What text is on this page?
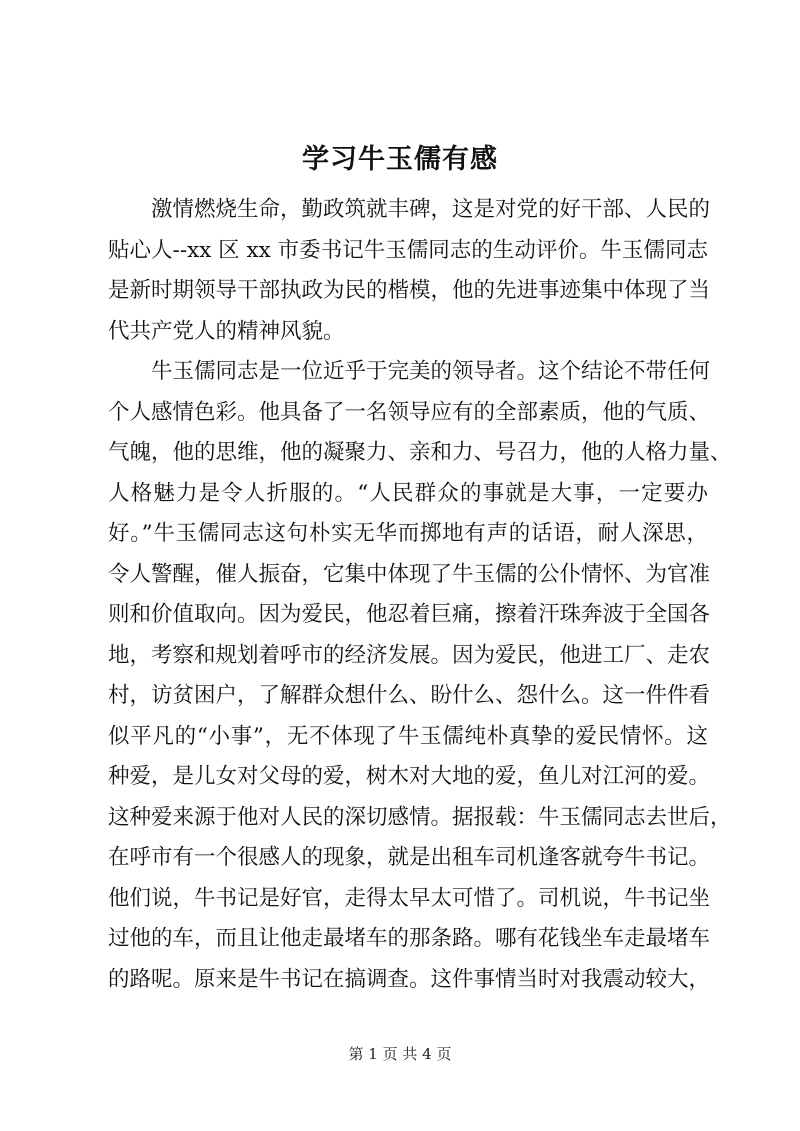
学习牛玉儒有感
激情燃烧生命，勤政筑就丰碑，这是对党的好干部、人民的
贴心人--xx 区 xx 市委书记牛玉儒同志的生动评价。牛玉儒同志
是新时期领导干部执政为民的楷模，他的先进事迹集中体现了当
代共产党人的精神风貌。
牛玉儒同志是一位近乎于完美的领导者。这个结论不带任何
个人感情色彩。他具备了一名领导应有的全部素质，他的气质、
气魄，他的思维，他的凝聚力、亲和力、号召力，他的人格力量、
人格魅力是令人折服的。“人民群众的事就是大事，一定要办
好。”牛玉儒同志这句朴实无华而掷地有声的话语，耐人深思，
令人警醒，催人振奋，它集中体现了牛玉儒的公仆情怀、为官准
则和价值取向。因为爱民，他忍着巨痛，擦着汗珠奔波于全国各
地，考察和规划着呼市的经济发展。因为爱民，他进工厂、走农
村，访贫困户，了解群众想什么、盼什么、怨什么。这一件件看
似平凡的“小事”，无不体现了牛玉儒纯朴真挚的爱民情怀。这
种爱，是儿女对父母的爱，树木对大地的爱，鱼儿对江河的爱。
这种爱来源于他对人民的深切感情。据报载：牛玉儒同志去世后，
在呼市有一个很感人的现象，就是出租车司机逢客就夸牛书记。
他们说，牛书记是好官，走得太早太可惜了。司机说，牛书记坐
过他的车，而且让他走最堵车的那条路。哪有花钱坐车走最堵车
的路呢。原来是牛书记在搞调查。这件事情当时对我震动较大，
第 1 页 共 4 页
